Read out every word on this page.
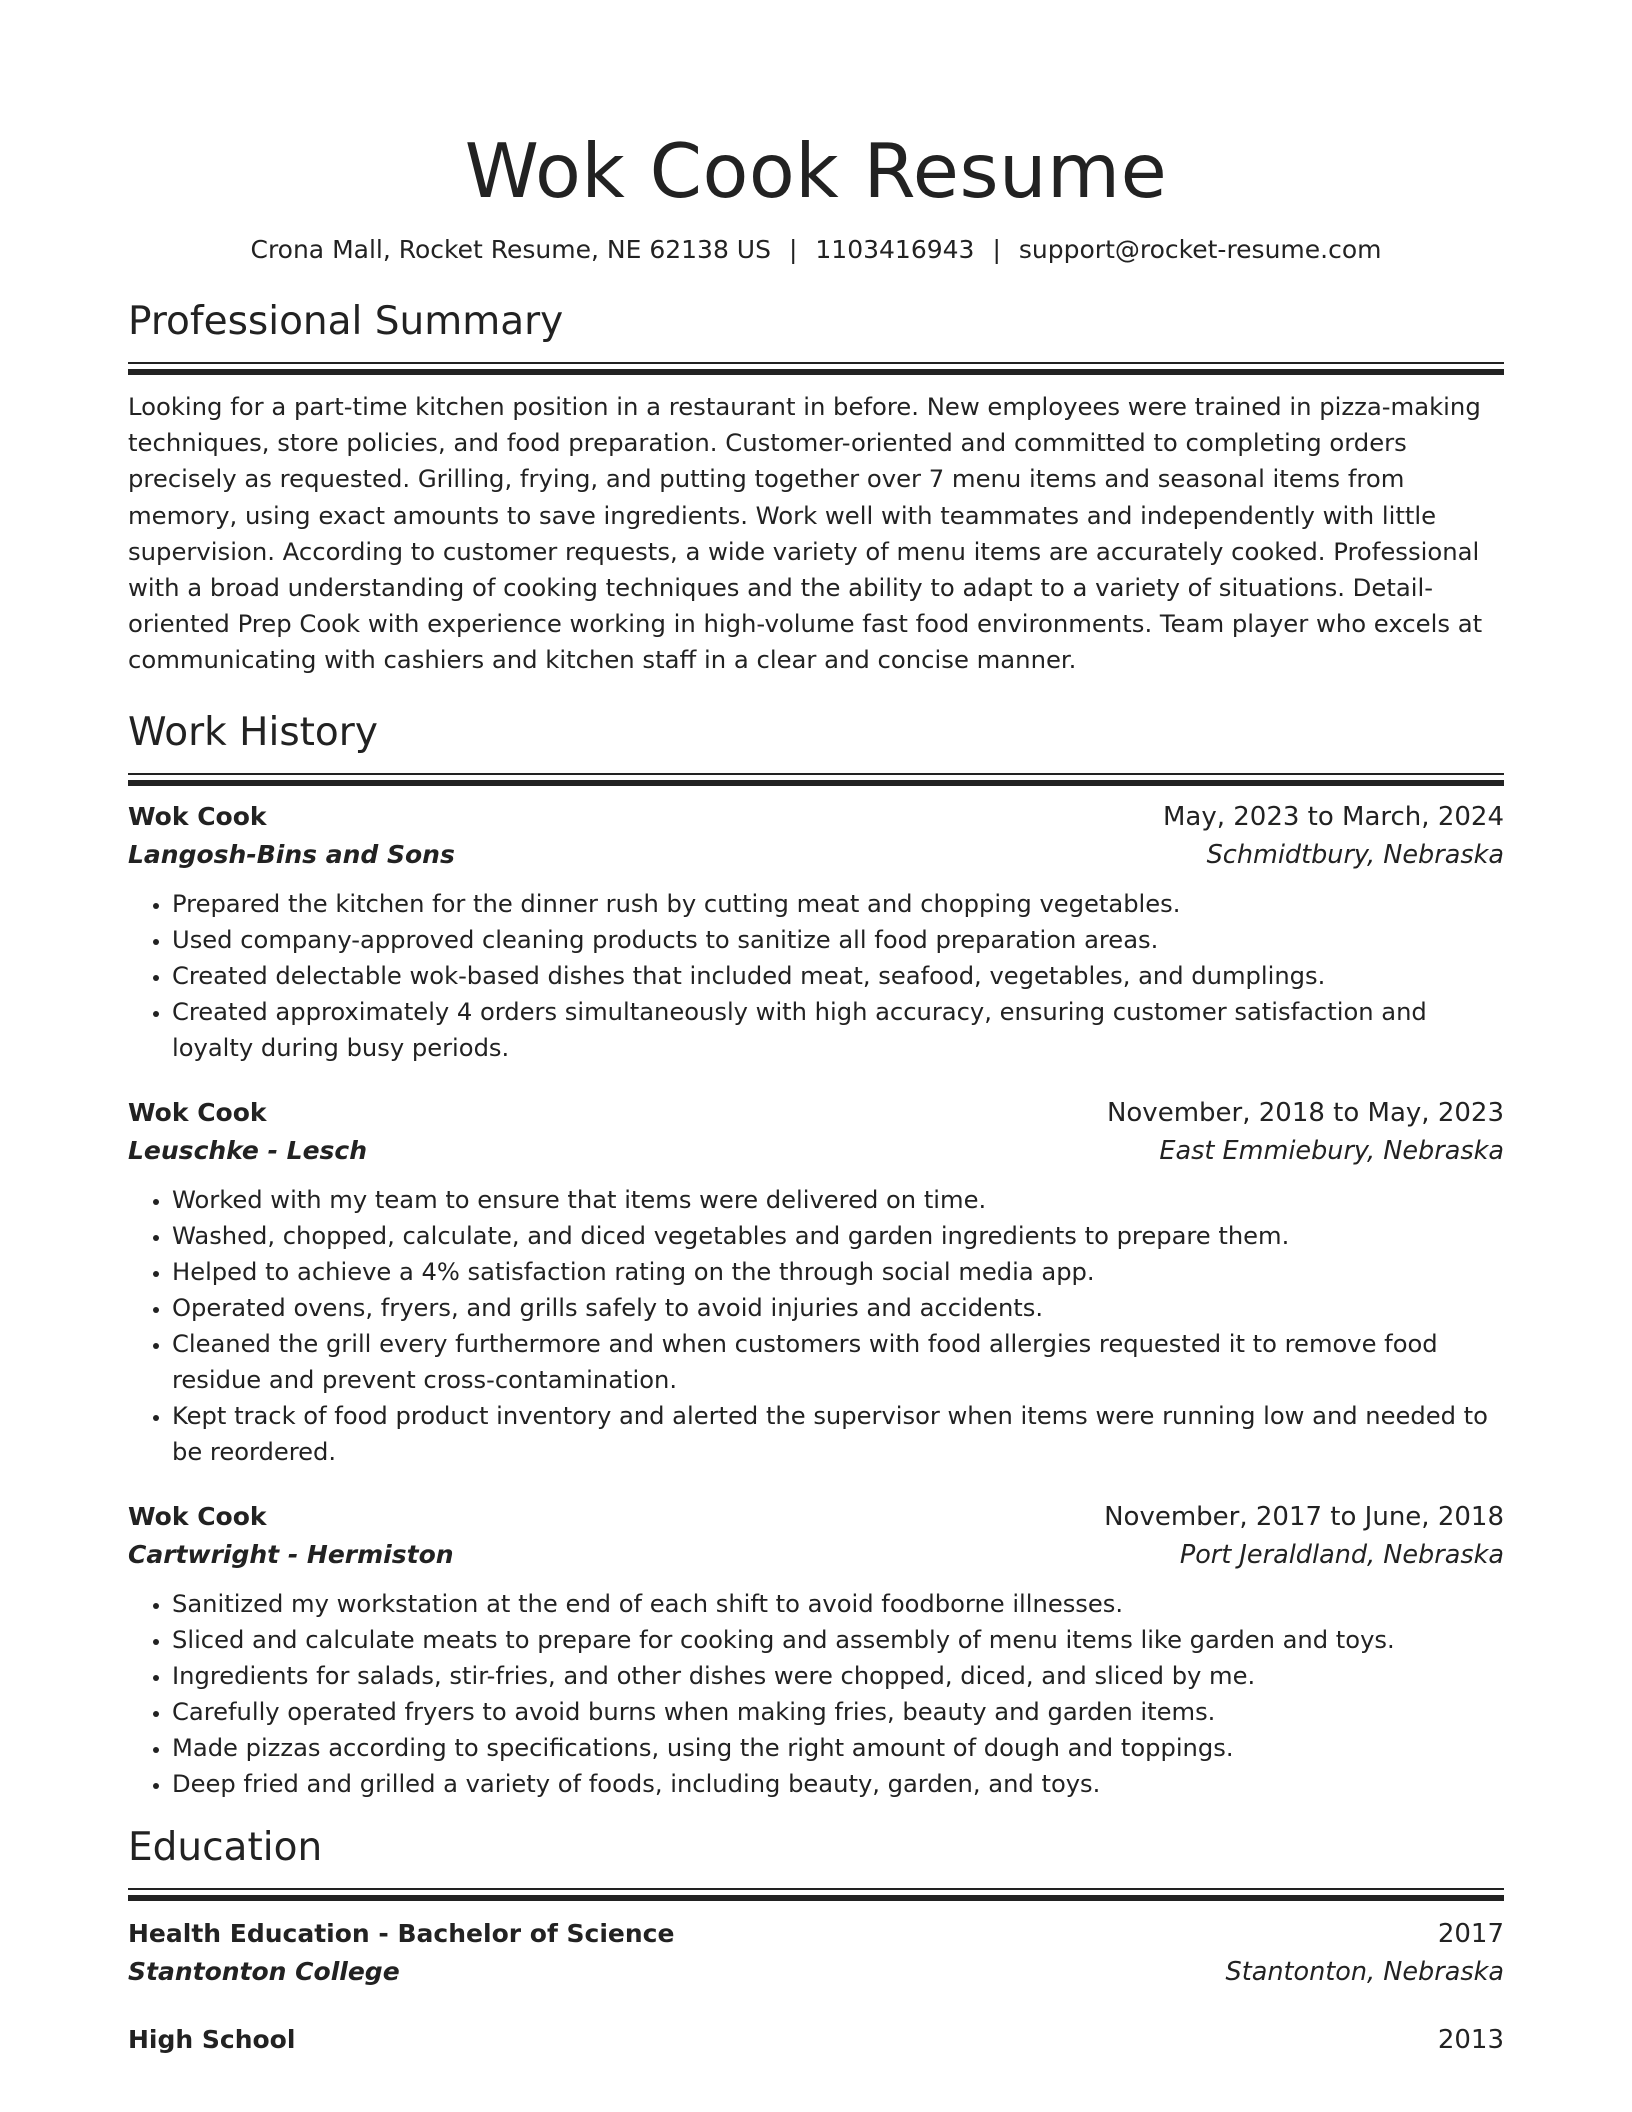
Wok Cook Resume
Crona Mall, Rocket Resume, NE 62138 US | 1103416943 | support@rocket-resume.com
Professional Summary
Looking for a part-time kitchen position in a restaurant in before. New employees were trained in pizza-making techniques, store policies, and food preparation. Customer-oriented and committed to completing orders precisely as requested. Grilling, frying, and putting together over 7 menu items and seasonal items from memory, using exact amounts to save ingredients. Work well with teammates and independently with little supervision. According to customer requests, a wide variety of menu items are accurately cooked. Professional with a broad understanding of cooking techniques and the ability to adapt to a variety of situations. Detail-oriented Prep Cook with experience working in high-volume fast food environments. Team player who excels at communicating with cashiers and kitchen staff in a clear and concise manner.
Work History
Wok Cook	May, 2023 to March, 2024
Langosh-Bins and Sons	Schmidtbury, Nebraska
• Prepared the kitchen for the dinner rush by cutting meat and chopping vegetables.
• Used company-approved cleaning products to sanitize all food preparation areas.
• Created delectable wok-based dishes that included meat, seafood, vegetables, and dumplings.
• Created approximately 4 orders simultaneously with high accuracy, ensuring customer satisfaction and loyalty during busy periods.
Wok Cook	November, 2018 to May, 2023
Leuschke - Lesch	East Emmiebury, Nebraska
• Worked with my team to ensure that items were delivered on time.
• Washed, chopped, calculate, and diced vegetables and garden ingredients to prepare them.
• Helped to achieve a 4% satisfaction rating on the through social media app.
• Operated ovens, fryers, and grills safely to avoid injuries and accidents.
• Cleaned the grill every furthermore and when customers with food allergies requested it to remove food residue and prevent cross-contamination.
• Kept track of food product inventory and alerted the supervisor when items were running low and needed to be reordered.
Wok Cook	November, 2017 to June, 2018
Cartwright - Hermiston	Port Jeraldland, Nebraska
• Sanitized my workstation at the end of each shift to avoid foodborne illnesses.
• Sliced and calculate meats to prepare for cooking and assembly of menu items like garden and toys.
• Ingredients for salads, stir-fries, and other dishes were chopped, diced, and sliced by me.
• Carefully operated fryers to avoid burns when making fries, beauty and garden items.
• Made pizzas according to specifications, using the right amount of dough and toppings.
• Deep fried and grilled a variety of foods, including beauty, garden, and toys.
Education
Health Education - Bachelor of Science	2017
Stantonton College	Stantonton, Nebraska
High School	2013
